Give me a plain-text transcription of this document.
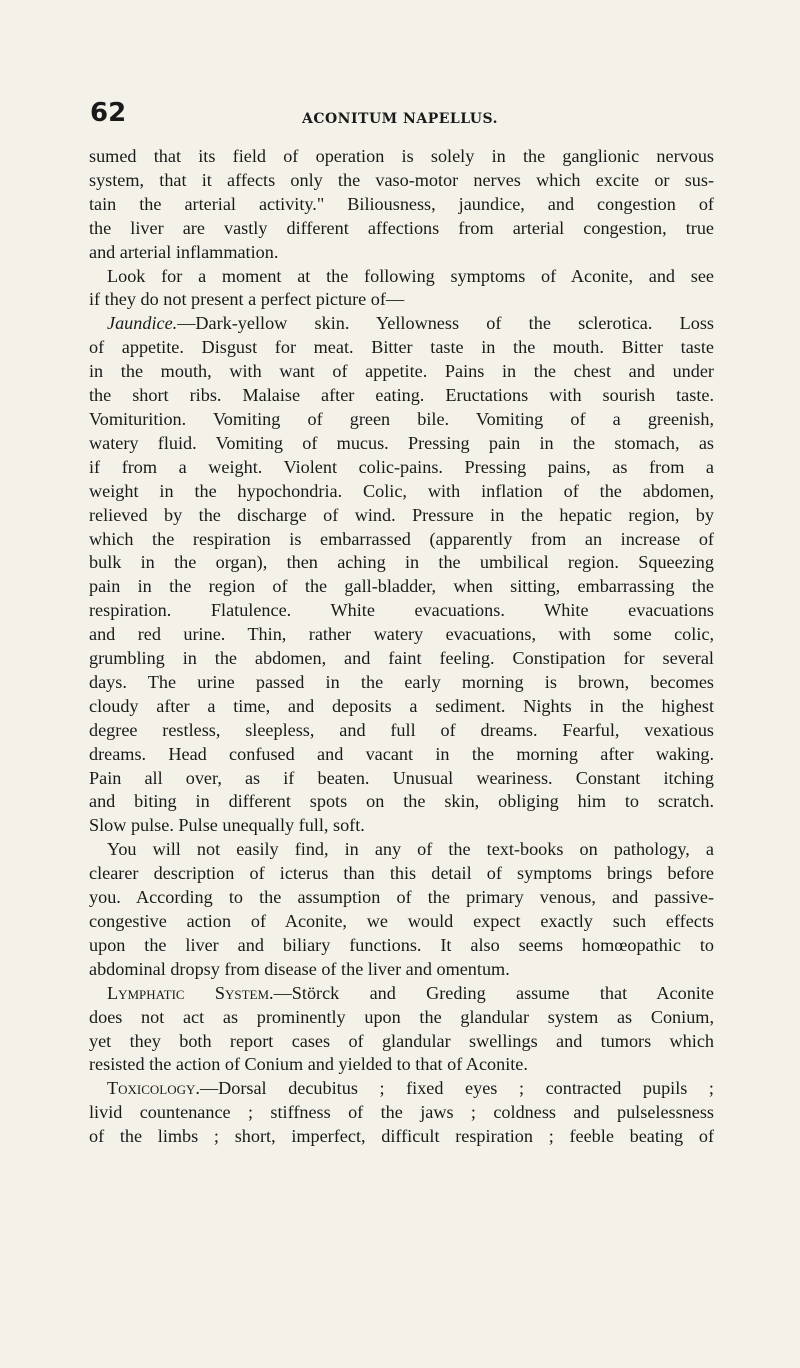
62	ACONITUM NAPELLUS.

sumed that its field of operation is solely in the ganglionic nervous
system, that it affects only the vaso-motor nerves which excite or sus-
tain the arterial activity." Biliousness, jaundice, and congestion of
the liver are vastly different affections from arterial congestion, true
and arterial inflammation.

Look for a moment at the following symptoms of Aconite, and see
if they do not present a perfect picture of—

Jaundice.—Dark-yellow skin. Yellowness of the sclerotica. Loss
of appetite. Disgust for meat. Bitter taste in the mouth. Bitter taste
in the mouth, with want of appetite. Pains in the chest and under
the short ribs. Malaise after eating. Eructations with sourish taste.
Vomiturition. Vomiting of green bile. Vomiting of a greenish,
watery fluid. Vomiting of mucus. Pressing pain in the stomach, as
if from a weight. Violent colic-pains. Pressing pains, as from a
weight in the hypochondria. Colic, with inflation of the abdomen,
relieved by the discharge of wind. Pressure in the hepatic region, by
which the respiration is embarrassed (apparently from an increase of
bulk in the organ), then aching in the umbilical region. Squeezing
pain in the region of the gall-bladder, when sitting, embarrassing the
respiration. Flatulence. White evacuations. White evacuations
and red urine. Thin, rather watery evacuations, with some colic,
grumbling in the abdomen, and faint feeling. Constipation for several
days. The urine passed in the early morning is brown, becomes
cloudy after a time, and deposits a sediment. Nights in the highest
degree restless, sleepless, and full of dreams. Fearful, vexatious
dreams. Head confused and vacant in the morning after waking.
Pain all over, as if beaten. Unusual weariness. Constant itching
and biting in different spots on the skin, obliging him to scratch.
Slow pulse. Pulse unequally full, soft.

You will not easily find, in any of the text-books on pathology, a
clearer description of icterus than this detail of symptoms brings before
you. According to the assumption of the primary venous, and passive-
congestive action of Aconite, we would expect exactly such effects
upon the liver and biliary functions. It also seems homœopathic to
abdominal dropsy from disease of the liver and omentum.

Lymphatic System.—Störck and Greding assume that Aconite
does not act as prominently upon the glandular system as Conium,
yet they both report cases of glandular swellings and tumors which
resisted the action of Conium and yielded to that of Aconite.

Toxicology.—Dorsal decubitus ; fixed eyes ; contracted pupils ;
livid countenance ; stiffness of the jaws ; coldness and pulselessness
of the limbs ; short, imperfect, difficult respiration ; feeble beating of
